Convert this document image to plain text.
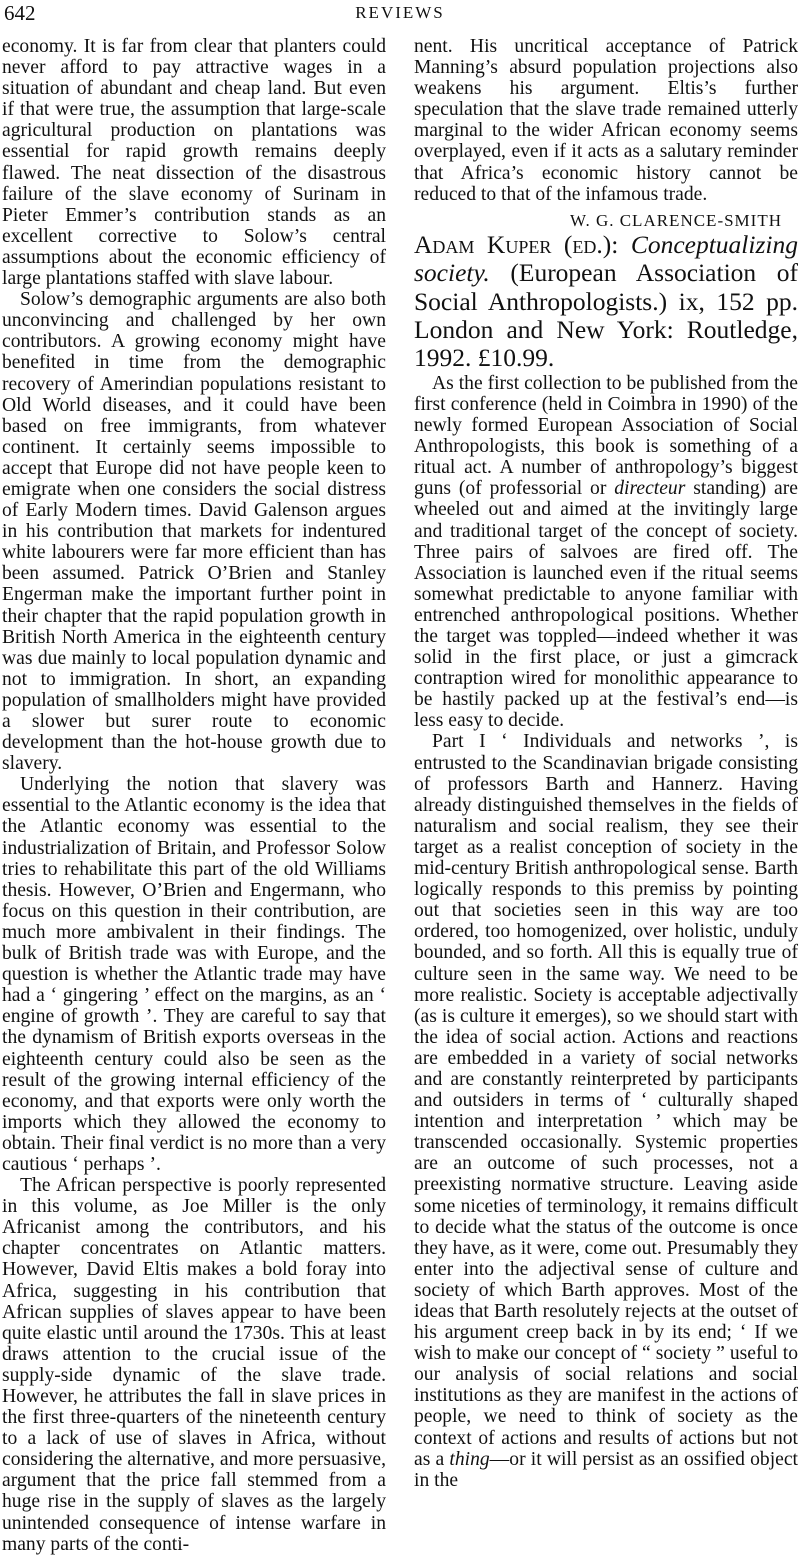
642	REVIEWS

economy. It is far from clear that planters could never afford to pay attractive wages in a situation of abundant and cheap land. But even if that were true, the assumption that large-scale agricultural production on plantations was essential for rapid growth remains deeply flawed. The neat dissection of the disastrous failure of the slave economy of Surinam in Pieter Emmer’s contribution stands as an excellent corrective to Solow’s central assumptions about the economic efficiency of large plantations staffed with slave labour.

Solow’s demographic arguments are also both unconvincing and challenged by her own contributors. A growing economy might have benefited in time from the demographic recovery of Amerindian populations resistant to Old World diseases, and it could have been based on free immigrants, from whatever continent. It certainly seems impossible to accept that Europe did not have people keen to emigrate when one considers the social distress of Early Modern times. David Galenson argues in his contribution that markets for indentured white labourers were far more efficient than has been assumed. Patrick O’Brien and Stanley Engerman make the important further point in their chapter that the rapid population growth in British North America in the eighteenth century was due mainly to local population dynamic and not to immigration. In short, an expanding population of smallholders might have provided a slower but surer route to economic development than the hot-house growth due to slavery.

Underlying the notion that slavery was essential to the Atlantic economy is the idea that the Atlantic economy was essential to the industrialization of Britain, and Professor Solow tries to rehabilitate this part of the old Williams thesis. However, O’Brien and Engermann, who focus on this question in their contribution, are much more ambivalent in their findings. The bulk of British trade was with Europe, and the question is whether the Atlantic trade may have had a ‘ gingering ’ effect on the margins, as an ‘ engine of growth ’. They are careful to say that the dynamism of British exports overseas in the eighteenth century could also be seen as the result of the growing internal efficiency of the economy, and that exports were only worth the imports which they allowed the economy to obtain. Their final verdict is no more than a very cautious ‘ perhaps ’.

The African perspective is poorly represented in this volume, as Joe Miller is the only Africanist among the contributors, and his chapter concentrates on Atlantic matters. However, David Eltis makes a bold foray into Africa, suggesting in his contribution that African supplies of slaves appear to have been quite elastic until around the 1730s. This at least draws attention to the crucial issue of the supply-side dynamic of the slave trade. However, he attributes the fall in slave prices in the first three-quarters of the nineteenth century to a lack of use of slaves in Africa, without considering the alternative, and more persuasive, argument that the price fall stemmed from a huge rise in the supply of slaves as the largely unintended consequence of intense warfare in many parts of the conti-

nent. His uncritical acceptance of Patrick Manning’s absurd population projections also weakens his argument. Eltis’s further speculation that the slave trade remained utterly marginal to the wider African economy seems overplayed, even if it acts as a salutary reminder that Africa’s economic history cannot be reduced to that of the infamous trade.

W. G. CLARENCE-SMITH

Adam Kuper (ed.): Conceptualizing society. (European Association of Social Anthropologists.) ix, 152 pp. London and New York: Routledge, 1992. £10.99.

As the first collection to be published from the first conference (held in Coimbra in 1990) of the newly formed European Association of Social Anthropologists, this book is something of a ritual act. A number of anthropology’s biggest guns (of professorial or directeur standing) are wheeled out and aimed at the invitingly large and traditional target of the concept of society. Three pairs of salvoes are fired off. The Association is launched even if the ritual seems somewhat predictable to anyone familiar with entrenched anthropological positions. Whether the target was toppled—indeed whether it was solid in the first place, or just a gimcrack contraption wired for monolithic appearance to be hastily packed up at the festival’s end—is less easy to decide.

Part I ‘ Individuals and networks ’, is entrusted to the Scandinavian brigade consisting of professors Barth and Hannerz. Having already distinguished themselves in the fields of naturalism and social realism, they see their target as a realist conception of society in the mid-century British anthropological sense. Barth logically responds to this premiss by pointing out that societies seen in this way are too ordered, too homogenized, over holistic, unduly bounded, and so forth. All this is equally true of culture seen in the same way. We need to be more realistic. Society is acceptable adjectivally (as is culture it emerges), so we should start with the idea of social action. Actions and reactions are embedded in a variety of social networks and are constantly reinterpreted by participants and outsiders in terms of ‘ culturally shaped intention and interpretation ’ which may be transcended occasionally. Systemic properties are an outcome of such processes, not a preexisting normative structure. Leaving aside some niceties of terminology, it remains difficult to decide what the status of the outcome is once they have, as it were, come out. Presumably they enter into the adjectival sense of culture and society of which Barth approves. Most of the ideas that Barth resolutely rejects at the outset of his argument creep back in by its end; ‘ If we wish to make our concept of “ society ” useful to our analysis of social relations and social institutions as they are manifest in the actions of people, we need to think of society as the context of actions and results of actions but not as a thing—or it will persist as an ossified object in the
